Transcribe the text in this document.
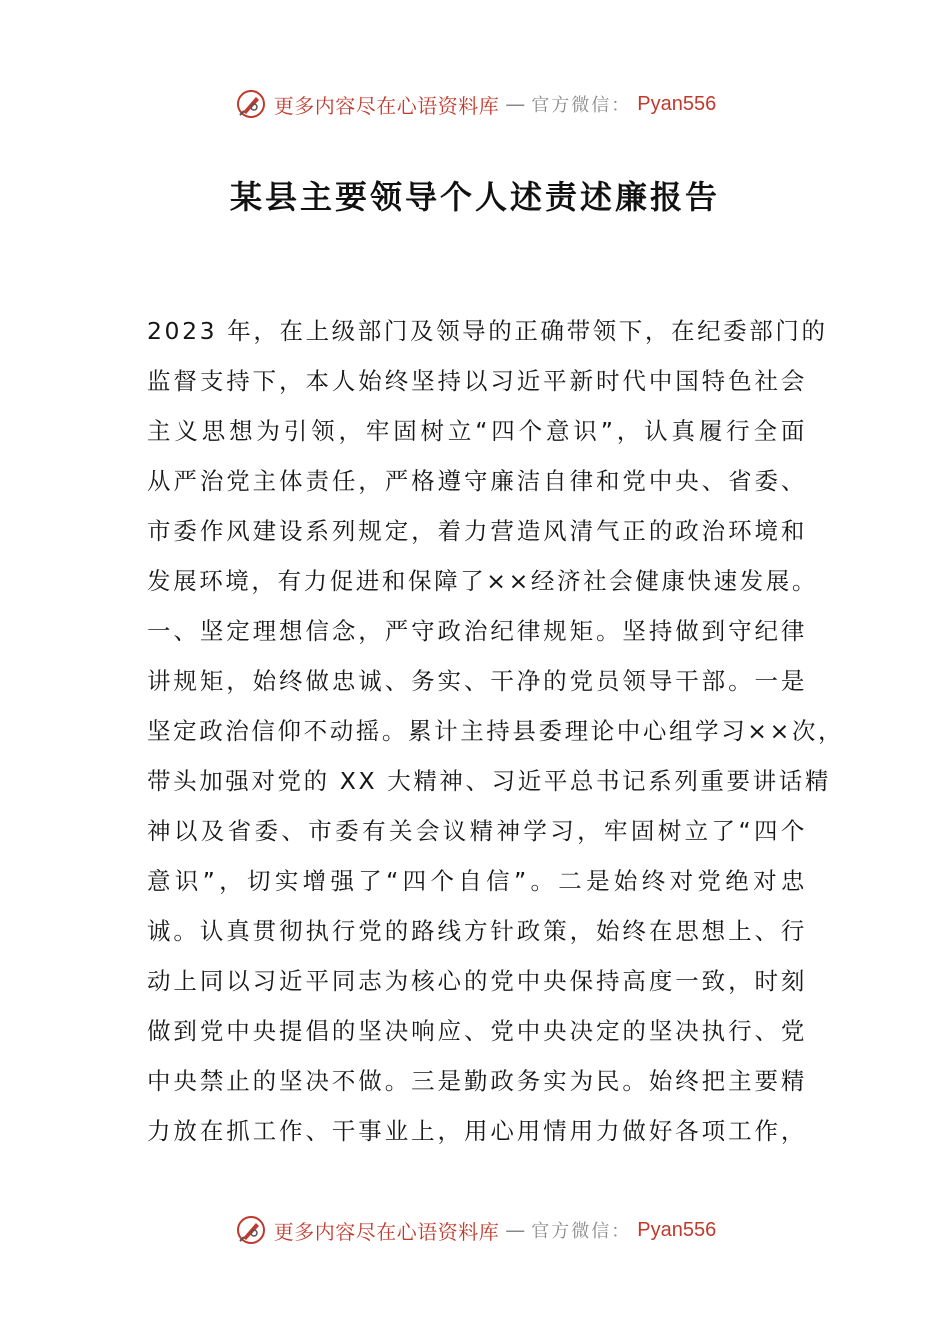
更多内容尽在心语资料库 — 官方微信： Pyan556
某县主要领导个人述责述廉报告
2023 年，在上级部门及领导的正确带领下，在纪委部门的
监督支持下，本人始终坚持以习近平新时代中国特色社会
主义思想为引领，牢固树立“四个意识”，认真履行全面
从严治党主体责任，严格遵守廉洁自律和党中央、省委、
市委作风建设系列规定，着力营造风清气正的政治环境和
发展环境，有力促进和保障了××经济社会健康快速发展。
一、坚定理想信念，严守政治纪律规矩。坚持做到守纪律
讲规矩，始终做忠诚、务实、干净的党员领导干部。一是
坚定政治信仰不动摇。累计主持县委理论中心组学习××次，
带头加强对党的 XX 大精神、习近平总书记系列重要讲话精
神以及省委、市委有关会议精神学习，牢固树立了“四个
意识”，切实增强了“四个自信”。二是始终对党绝对忠
诚。认真贯彻执行党的路线方针政策，始终在思想上、行
动上同以习近平同志为核心的党中央保持高度一致，时刻
做到党中央提倡的坚决响应、党中央决定的坚决执行、党
中央禁止的坚决不做。三是勤政务实为民。始终把主要精
力放在抓工作、干事业上，用心用情用力做好各项工作，
更多内容尽在心语资料库 — 官方微信： Pyan556
